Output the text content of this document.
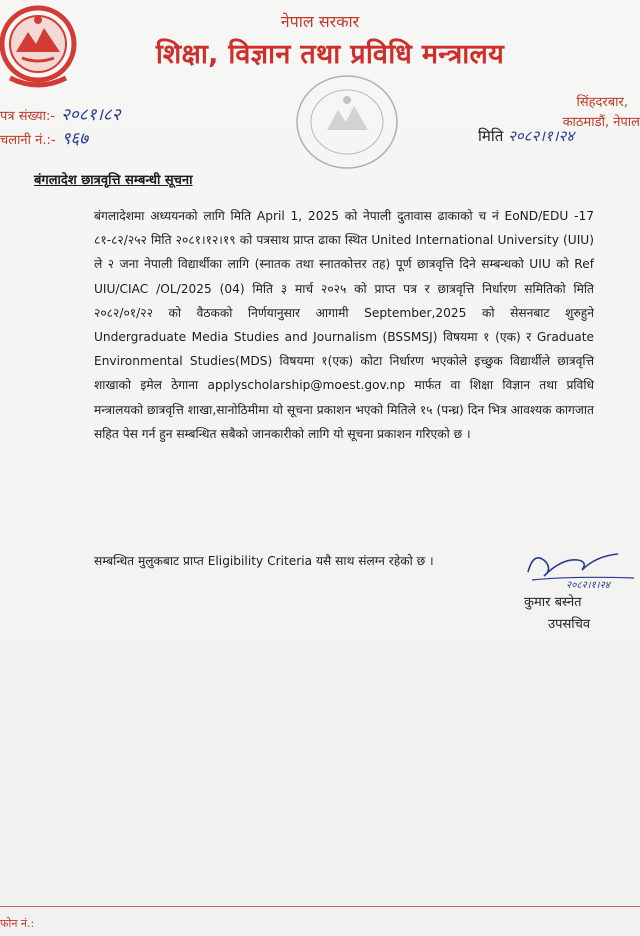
नेपाल सरकार
शिक्षा, विज्ञान तथा प्रविधि मन्त्रालय
पत्र संख्या:- २०८१।८२
चलानी नं.:- ९६७
सिंहदरबार,
काठमाडौं, नेपाल
मिति २०८२।१।२४
बंगलादेश छात्रवृत्ति सम्बन्धी सूचना

बंगलादेशमा अध्ययनको लागि मिति April 1, 2025 को नेपाली दुतावास ढाकाको च नं EoND/EDU -17 ८१-८२/२५२ मिति २०८१।१२।१९ को पत्रसाथ प्राप्त ढाका स्थित United International University (UIU) ले २ जना नेपाली विद्यार्थीका लागि (स्नातक तथा स्नातकोत्तर तह) पूर्ण छात्रवृत्ति दिने सम्बन्धको UIU को Ref UIU/CIAC /OL/2025 (04) मिति ३ मार्च २०२५ को प्राप्त पत्र र छात्रवृत्ति निर्धारण समितिको मिति २०८२/०१/२२ को वैठकको निर्णयानुसार आगामी September,2025 को सेसनबाट शुरुहुने Undergraduate Media Studies and Journalism (BSSMSJ) विषयमा १ (एक) र Graduate Environmental Studies(MDS) विषयमा १(एक) कोटा निर्धारण भएकोले इच्छुक विद्यार्थीले छात्रवृत्ति शाखाको इमेल ठेगाना applyscholarship@moest.gov.np मार्फत वा शिक्षा विज्ञान तथा प्रविधि मन्त्रालयको छात्रवृत्ति शाखा,सानोठिमीमा यो सूचना प्रकाशन भएको मितिले १५ (पन्ध्र) दिन भित्र आवश्यक कागजात सहित पेस गर्न हुन सम्बन्धित सबैको जानकारीको लागि यो सूचना प्रकाशन गरिएको छ ।

सम्बन्धित मुलुकबाट प्राप्त Eligibility Criteria यसै साथ संलग्न रहेको छ ।
२०८२।१।२४
कुमार बस्नेत
उपसचिव
फोन नं.:
